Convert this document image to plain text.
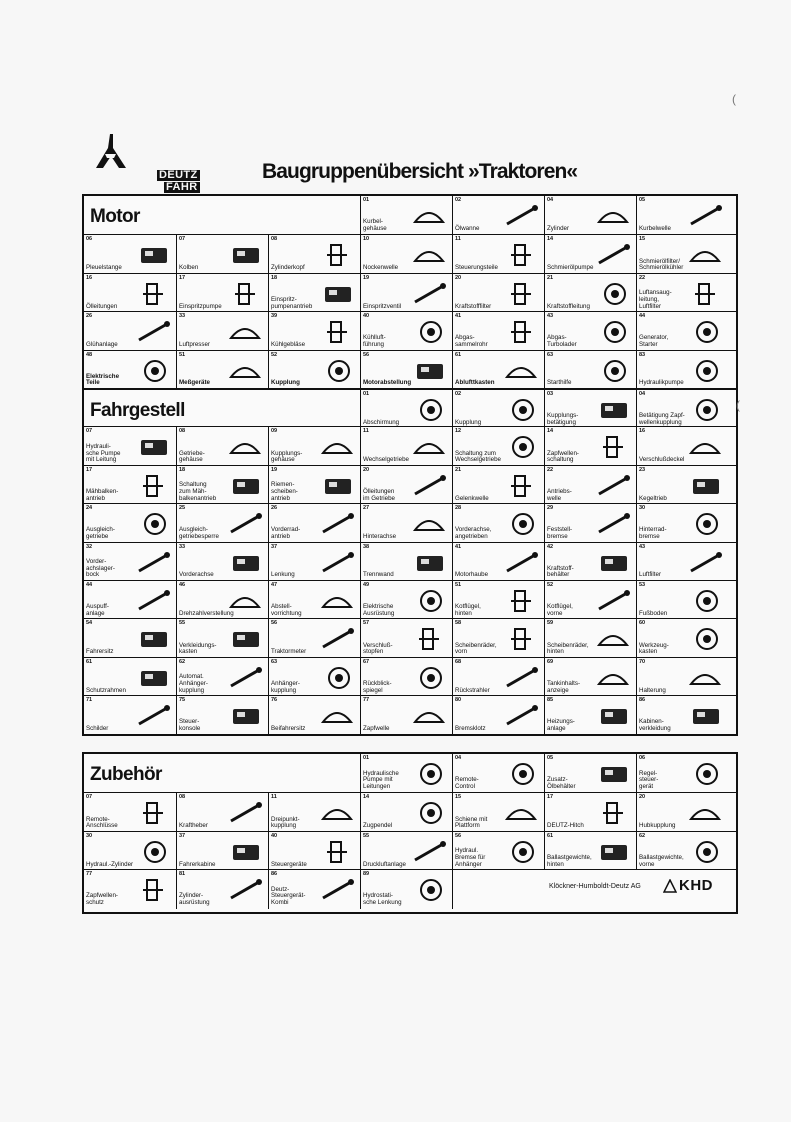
DEUTZ
FAHR
Baugruppenübersicht »Traktoren«
Motor
01
Kurbel-
gehäuse
02
Ölwanne
04
Zylinder
05
Kurbelwelle
06
Pleuelstange
07
Kolben
08
Zylinderkopf
10
Nockenwelle
11
Steuerungsteile
14
Schmierölpumpe
15
Schmierölfilter/
Schmierölkühler
16
Ölleitungen
17
Einspritzpumpe
18
Einspritz-
pumpenantrieb
19
Einspritzventil
20
Kraftstofffilter
21
Kraftstoffleitung
22
Luftansaug-
leitung,
Luftfilter
26
Glühanlage
33
Luftpresser
39
Kühlgebläse
40
Kühlluft-
führung
41
Abgas-
sammelrohr
43
Abgas-
Turbolader
44
Generator,
Starter
48
Elektrische
Teile
51
Meßgeräte
52
Kupplung
56
Motorabstellung
61
Ablufttkasten
63
Starthilfe
83
Hydraulikpumpe
Fahrgestell
01
Abschirmung
02
Kupplung
03
Kupplungs-
betätigung
04
Betätigung Zapf-
wellenkupplung
07
Hydrauli-
sche Pumpe
mit Leitung
08
Getriebe-
gehäuse
09
Kupplungs-
gehäuse
11
Wechselgetriebe
12
Schaltung zum
Wechselgetriebe
14
Zapfwellen-
schaltung
16
Verschlußdeckel
17
Mähbalken-
antrieb
18
Schaltung
zum Mäh-
balkenantrieb
19
Riemen-
scheiben-
antrieb
20
Ölleitungen
im Getriebe
21
Gelenkwelle
22
Antriebs-
welle
23
Kegeltrieb
24
Ausgleich-
getriebe
25
Ausgleich-
getriebesperre
26
Vorderrad-
antrieb
27
Hinterachse
28
Vorderachse,
angetrieben
29
Feststell-
bremse
30
Hinterrad-
bremse
32
Vorder-
achslager-
bock
33
Vorderachse
37
Lenkung
38
Trennwand
41
Motorhaube
42
Kraftstoff-
behälter
43
Luftfilter
44
Auspuff-
anlage
46
Drehzahlverstellung
47
Abstell-
vorrichtung
49
Elektrische
Ausrüstung
51
Kotflügel,
hinten
52
Kotflügel,
vorne
53
Fußboden
54
Fahrersitz
55
Verkleidungs-
kasten
56
Traktormeter
57
Verschluß-
stopfen
58
Scheibenräder,
vorn
59
Scheibenräder,
hinten
60
Werkzeug-
kasten
61
Schutzrahmen
62
Automat.
Anhänger-
kupplung
63
Anhänger-
kupplung
67
Rückblick-
spiegel
68
Rückstrahler
69
Tankinhalts-
anzeige
70
Halterung
71
Schilder
75
Steuer-
konsole
76
Beifahrersitz
77
Zapfwelle
80
Bremsklotz
85
Heizungs-
anlage
86
Kabinen-
verkleidung
Zubehör
01
Hydraulische
Pumpe mit
Leitungen
04
Remote-
Control
05
Zusatz-
Ölbehälter
06
Regel-
steuer-
gerät
07
Remote-
Anschlüsse
08
Kraftheber
11
Dreipunkt-
kupplung
14
Zugpendel
15
Schiene mit
Plattform
17
DEUTZ-Hitch
20
Hubkupplung
30
Hydraul.-Zylinder
37
Fahrerkabine
40
Steuergeräte
55
Druckluftanlage
56
Hydraul.
Bremse für
Anhänger
61
Ballastgewichte,
hinten
62
Ballastgewichte,
vorne
77
Zapfwellen-
schutz
81
Zylinder-
ausrüstung
86
Deutz-
Steuergerät-
Kombi
89
Hydrostati-
sche Lenkung
Klöckner-Humboldt-Deutz AG	KHD
(
(
